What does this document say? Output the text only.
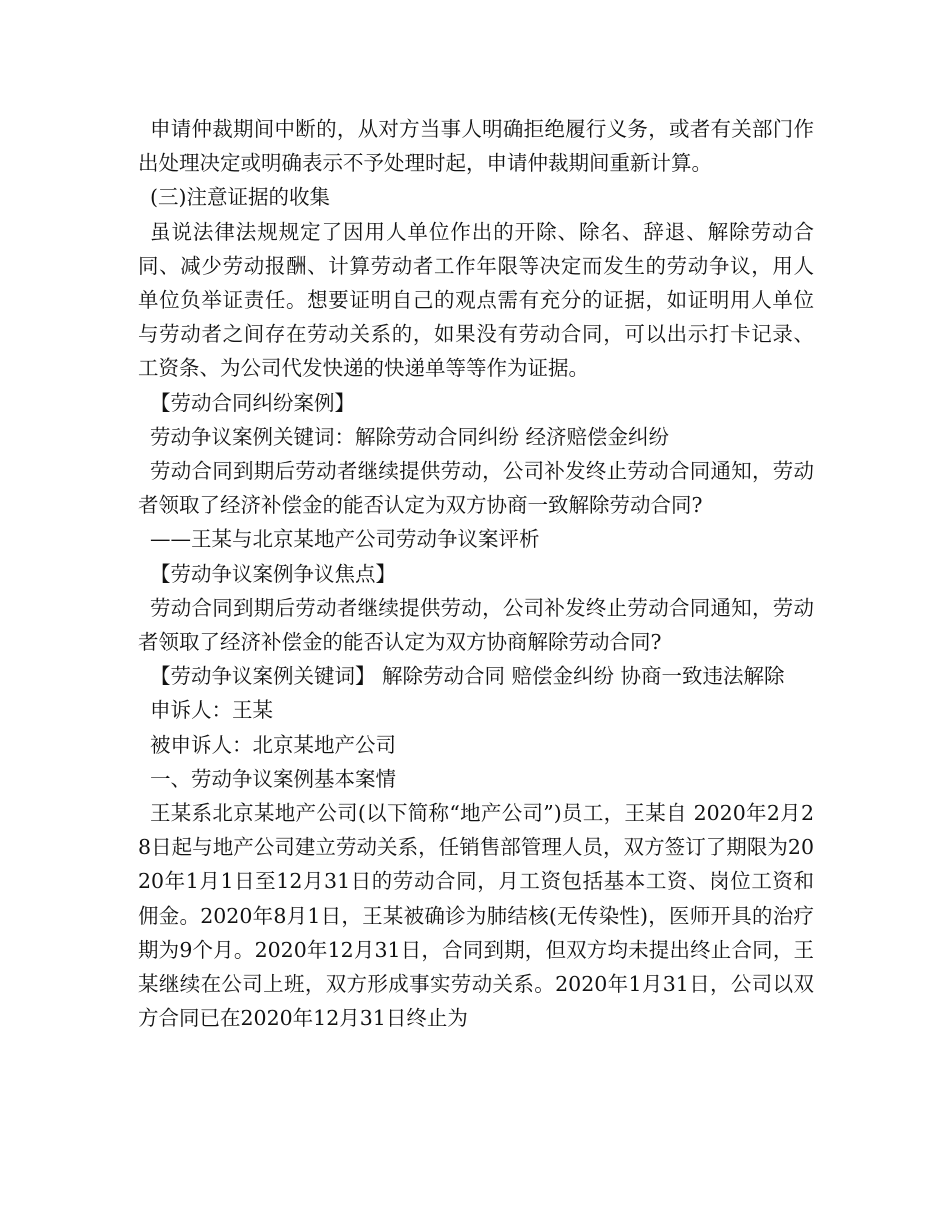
申请仲裁期间中断的，从对方当事人明确拒绝履行义务，或者有关部门作出处理决定或明确表示不予处理时起，申请仲裁期间重新计算。

(三)注意证据的收集

虽说法律法规规定了因用人单位作出的开除、除名、辞退、解除劳动合同、减少劳动报酬、计算劳动者工作年限等决定而发生的劳动争议，用人单位负举证责任。想要证明自己的观点需有充分的证据，如证明用人单位与劳动者之间存在劳动关系的，如果没有劳动合同，可以出示打卡记录、工资条、为公司代发快递的快递单等等作为证据。

【劳动合同纠纷案例】

劳动争议案例关键词：解除劳动合同纠纷 经济赔偿金纠纷

劳动合同到期后劳动者继续提供劳动，公司补发终止劳动合同通知，劳动者领取了经济补偿金的能否认定为双方协商一致解除劳动合同?

——王某与北京某地产公司劳动争议案评析

【劳动争议案例争议焦点】

劳动合同到期后劳动者继续提供劳动，公司补发终止劳动合同通知，劳动者领取了经济补偿金的能否认定为双方协商解除劳动合同?

【劳动争议案例关键词】 解除劳动合同 赔偿金纠纷 协商一致违法解除

申诉人：王某

被申诉人：北京某地产公司

一、劳动争议案例基本案情

王某系北京某地产公司(以下简称“地产公司”)员工，王某自 2020年2月28日起与地产公司建立劳动关系，任销售部管理人员，双方签订了期限为2020年1月1日至12月31日的劳动合同，月工资包括基本工资、岗位工资和佣金。2020年8月1日，王某被确诊为肺结核(无传染性)，医师开具的治疗期为9个月。2020年12月31日，合同到期，但双方均未提出终止合同，王某继续在公司上班，双方形成事实劳动关系。2020年1月31日，公司以双方合同已在2020年12月31日终止为
